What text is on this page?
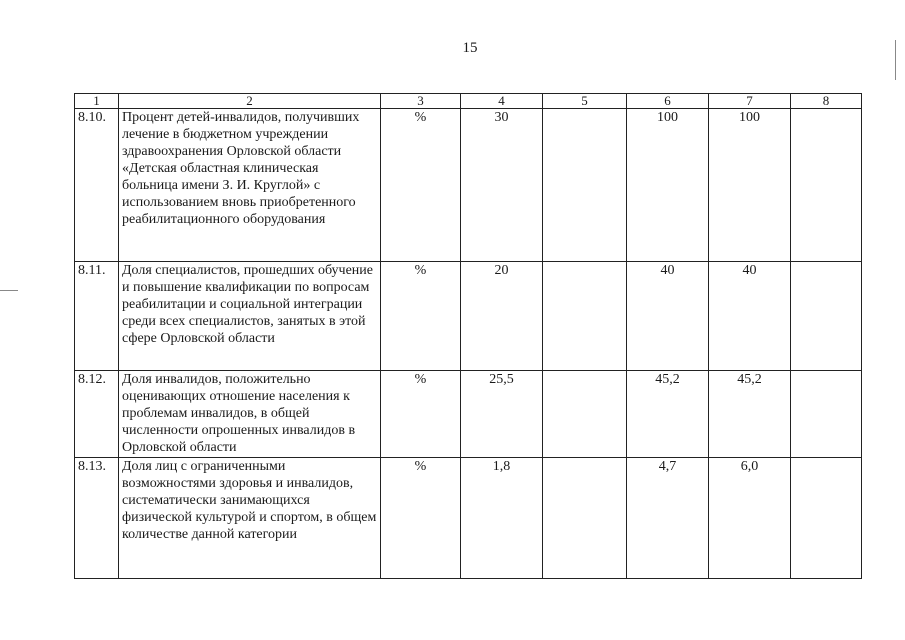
15
1	2	3	4	5	6	7	8
8.10.	Процент детей-инвалидов, получивших лечение в бюджетном учреждении здравоохранения Орловской области «Детская областная клиническая больница имени З. И. Круглой» с использованием вновь приобретенного реабилитационного оборудования	%	30		100	100	
8.11.	Доля специалистов, прошедших обучение и повышение квалификации по вопросам реабилитации и социальной интеграции среди всех специалистов, занятых в этой сфере Орловской области	%	20		40	40	
8.12.	Доля инвалидов, положительно оценивающих отношение населения к проблемам инвалидов, в общей численности опрошенных инвалидов в Орловской области	%	25,5		45,2	45,2	
8.13.	Доля лиц с ограниченными возможностями здоровья и инвалидов, систематически занимающихся физической культурой и спортом, в общем количестве данной категории	%	1,8		4,7	6,0	
